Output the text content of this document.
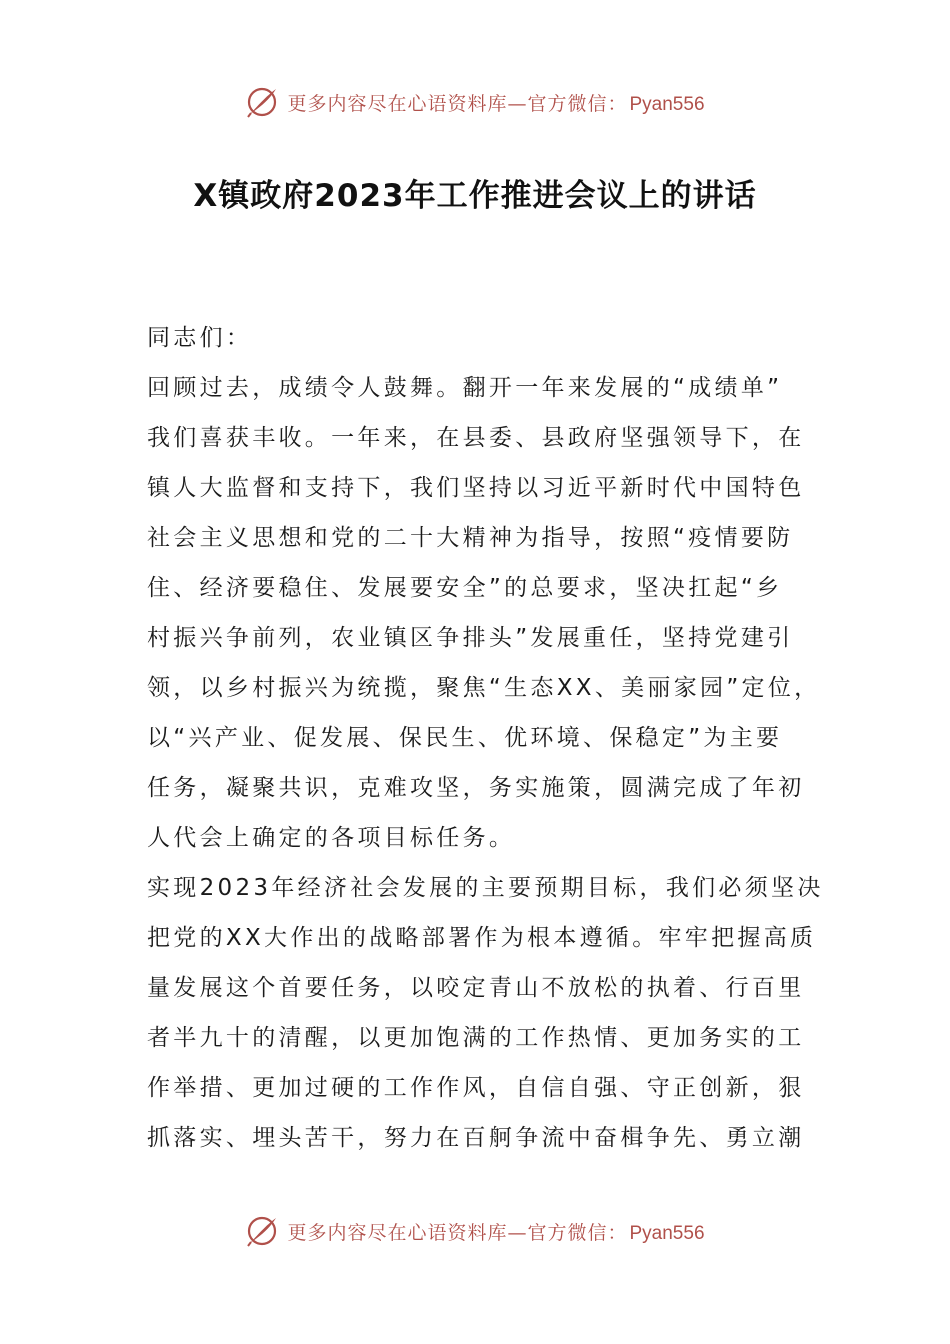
更多内容尽在心语资料库—官方微信： Pyan556
X镇政府2023年工作推进会议上的讲话
同志们：
回顾过去，成绩令人鼓舞。翻开一年来发展的“成绩单”
我们喜获丰收。一年来，在县委、县政府坚强领导下，在
镇人大监督和支持下，我们坚持以习近平新时代中国特色
社会主义思想和党的二十大精神为指导，按照“疫情要防
住、经济要稳住、发展要安全”的总要求，坚决扛起“乡
村振兴争前列，农业镇区争排头”发展重任，坚持党建引
领，以乡村振兴为统揽，聚焦“生态XX、美丽家园”定位，
以“兴产业、促发展、保民生、优环境、保稳定”为主要
任务，凝聚共识，克难攻坚，务实施策，圆满完成了年初
人代会上确定的各项目标任务。
实现2023年经济社会发展的主要预期目标，我们必须坚决
把党的XX大作出的战略部署作为根本遵循。牢牢把握高质
量发展这个首要任务，以咬定青山不放松的执着、行百里
者半九十的清醒，以更加饱满的工作热情、更加务实的工
作举措、更加过硬的工作作风，自信自强、守正创新，狠
抓落实、埋头苦干，努力在百舸争流中奋楫争先、勇立潮
更多内容尽在心语资料库—官方微信： Pyan556
